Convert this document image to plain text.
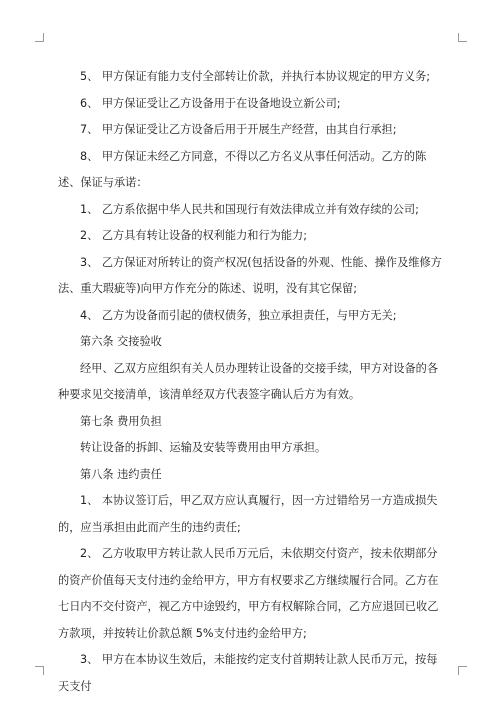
5、 甲方保证有能力支付全部转让价款，并执行本协议规定的甲方义务;

6、 甲方保证受让乙方设备用于在设备地设立新公司;

7、 甲方保证受让乙方设备后用于开展生产经营，由其自行承担;

8、 甲方保证未经乙方同意，不得以乙方名义从事任何活动。乙方的陈述、保证与承诺：

1、 乙方系依据中华人民共和国现行有效法律成立并有效存续的公司;

2、 乙方具有转让设备的权利能力和行为能力;

3、 乙方保证对所转让的资产权况(包括设备的外观、性能、操作及维修方法、重大瑕疵等)向甲方作充分的陈述、说明，没有其它保留;

4、 乙方为设备而引起的债权债务，独立承担责任，与甲方无关;

第六条 交接验收

经甲、乙双方应组织有关人员办理转让设备的交接手续，甲方对设备的各种要求见交接清单，该清单经双方代表签字确认后方为有效。

第七条 费用负担

转让设备的拆卸、运输及安装等费用由甲方承担。

第八条 违约责任

1、 本协议签订后，甲乙双方应认真履行，因一方过错给另一方造成损失的，应当承担由此而产生的违约责任;

2、 乙方收取甲方转让款人民币万元后，未依期交付资产，按未依期部分的资产价值每天支付违约金给甲方，甲方有权要求乙方继续履行合同。乙方在七日内不交付资产，视乙方中途毁约，甲方有权解除合同，乙方应退回已收乙方款项，并按转让价款总额 5%支付违约金给甲方;

3、 甲方在本协议生效后，未能按约定支付首期转让款人民币万元，按每天支付
